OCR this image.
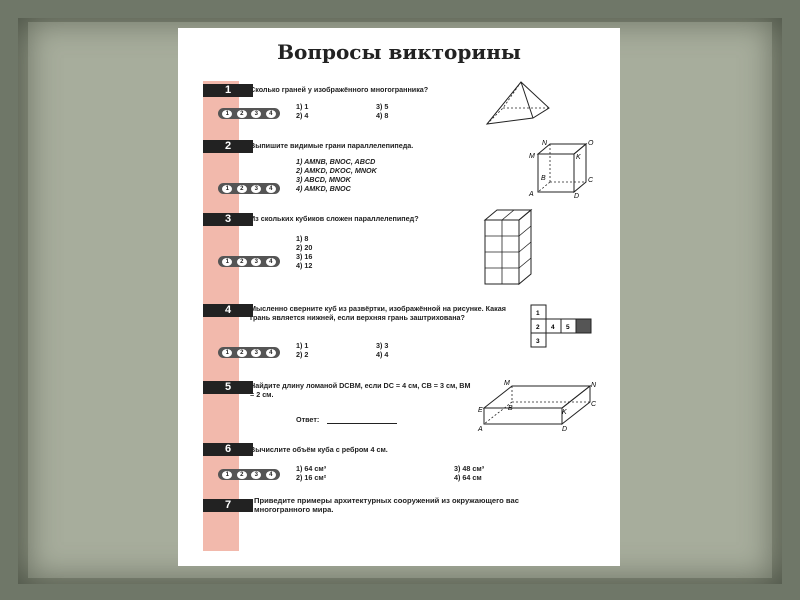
Вопросы викторины
1	Сколько граней у изображённого многогранника?
1	2	3	4
1) 1
2) 4
3) 5
4) 8
2	Выпишите видимые грани параллелепипеда.
1) AMNB, BNOC, ABCD
2) AMKD, DKOC, MNOK
3) ABCD, MNOK
4) AMKD, BNOC
1	2	3	4
N	O
M	K
B	C
A	D
3	Из скольких кубиков сложен параллелепипед?
1) 8
2) 20
3) 16
4) 12
1	2	3	4
4	Мысленно сверните куб из развёртки, изображённой на рисунке. Какая грань является нижней, если верхняя грань заштрихована?
1) 1
2) 2
3) 3
4) 4
1	2	3	4
1
2 4 5
3
5	Найдите длину ломаной DCBM, если DC = 4 см, CB = 3 см, BM = 2 см.
Ответ:
M	N
E	B
K
C
A	D
6	Вычислите объём куба с ребром 4 см.
1	2	3	4
1) 64 см³
2) 16 см²
3) 48 см³
4) 64 см
7	Приведите примеры архитектурных сооружений из окружающего вас многогранного мира.
